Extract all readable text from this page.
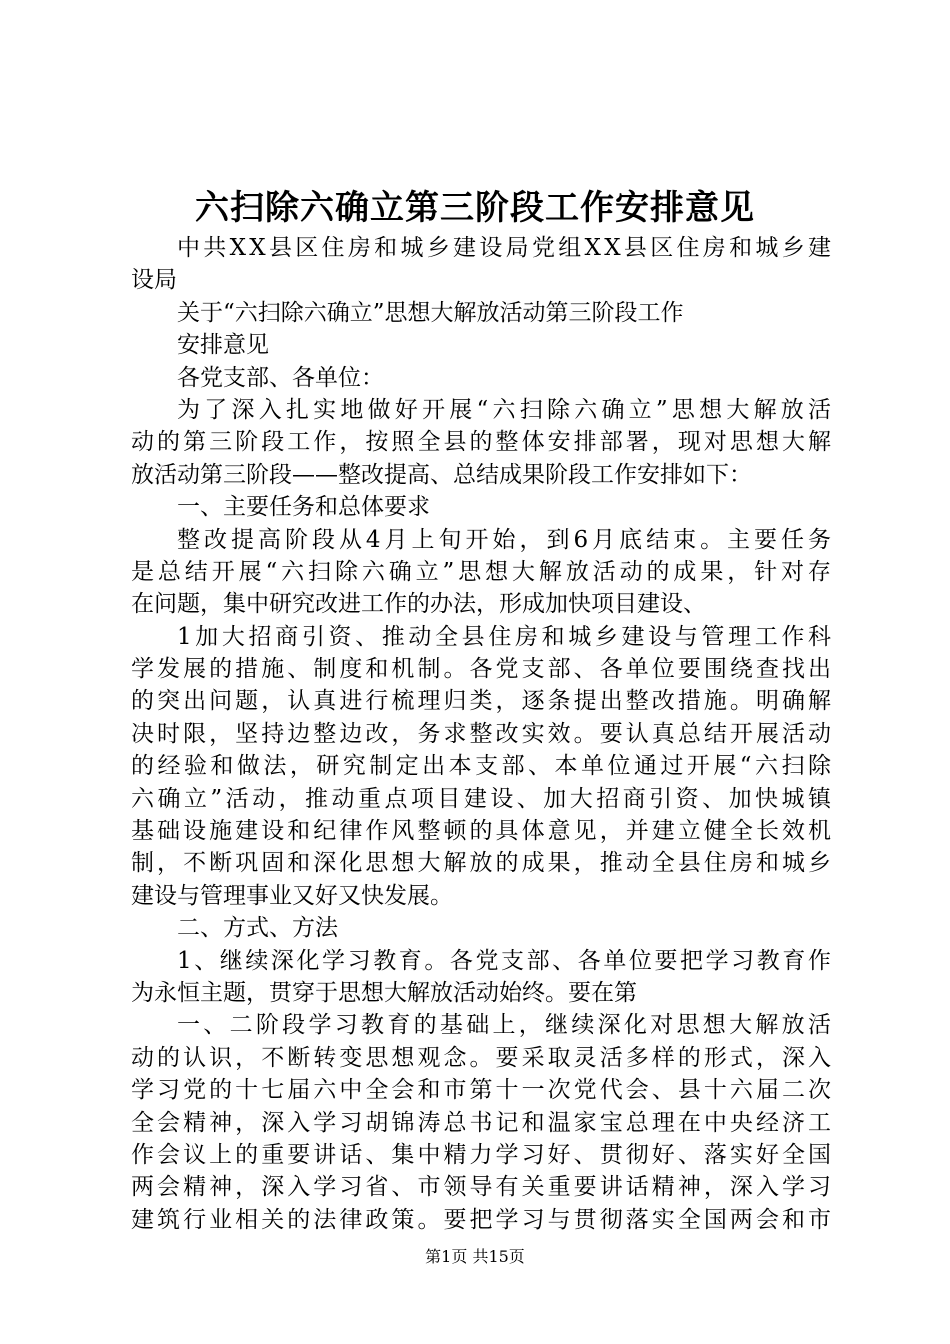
六扫除六确立第三阶段工作安排意见
中共XX县区住房和城乡建设局党组XX县区住房和城乡建
设局
关于“六扫除六确立”思想大解放活动第三阶段工作
安排意见
各党支部、各单位：
为了深入扎实地做好开展“六扫除六确立”思想大解放活
动的第三阶段工作，按照全县的整体安排部署，现对思想大解
放活动第三阶段——整改提高、总结成果阶段工作安排如下：
一、主要任务和总体要求
整改提高阶段从4月上旬开始，到6月底结束。主要任务
是总结开展“六扫除六确立”思想大解放活动的成果，针对存
在问题，集中研究改进工作的办法，形成加快项目建设、
1加大招商引资、推动全县住房和城乡建设与管理工作科
学发展的措施、制度和机制。各党支部、各单位要围绕查找出
的突出问题，认真进行梳理归类，逐条提出整改措施。明确解
决时限，坚持边整边改，务求整改实效。要认真总结开展活动
的经验和做法，研究制定出本支部、本单位通过开展“六扫除
六确立”活动，推动重点项目建设、加大招商引资、加快城镇
基础设施建设和纪律作风整顿的具体意见，并建立健全长效机
制，不断巩固和深化思想大解放的成果，推动全县住房和城乡
建设与管理事业又好又快发展。
二、方式、方法
1、继续深化学习教育。各党支部、各单位要把学习教育作
为永恒主题，贯穿于思想大解放活动始终。要在第
一、二阶段学习教育的基础上，继续深化对思想大解放活
动的认识，不断转变思想观念。要采取灵活多样的形式，深入
学习党的十七届六中全会和市第十一次党代会、县十六届二次
全会精神，深入学习胡锦涛总书记和温家宝总理在中央经济工
作会议上的重要讲话、集中精力学习好、贯彻好、落实好全国
两会精神，深入学习省、市领导有关重要讲话精神，深入学习
建筑行业相关的法律政策。要把学习与贯彻落实全国两会和市
第1页 共15页
